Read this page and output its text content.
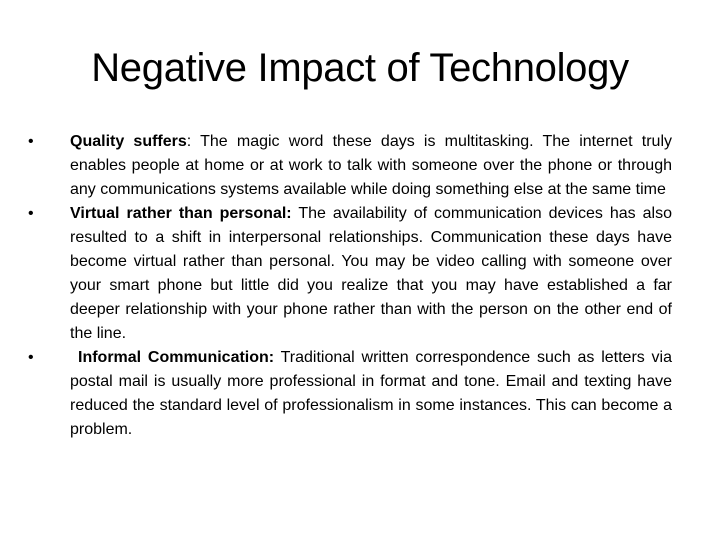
Negative Impact of Technology
•	Quality suffers: The magic word these days is multitasking. The internet truly enables people at home or at work to talk with someone over the phone or through any communications systems available while doing something else at the same time
•	Virtual rather than personal: The availability of communication devices has also resulted to a shift in interpersonal relationships. Communication these days have become virtual rather than personal. You may be video calling with someone over your smart phone but little did you realize that you may have established a far deeper relationship with your phone rather than with the person on the other end of the line.
•	Informal Communication: Traditional written correspondence such as letters via postal mail is usually more professional in format and tone. Email and texting have reduced the standard level of professionalism in some instances. This can become a problem.
